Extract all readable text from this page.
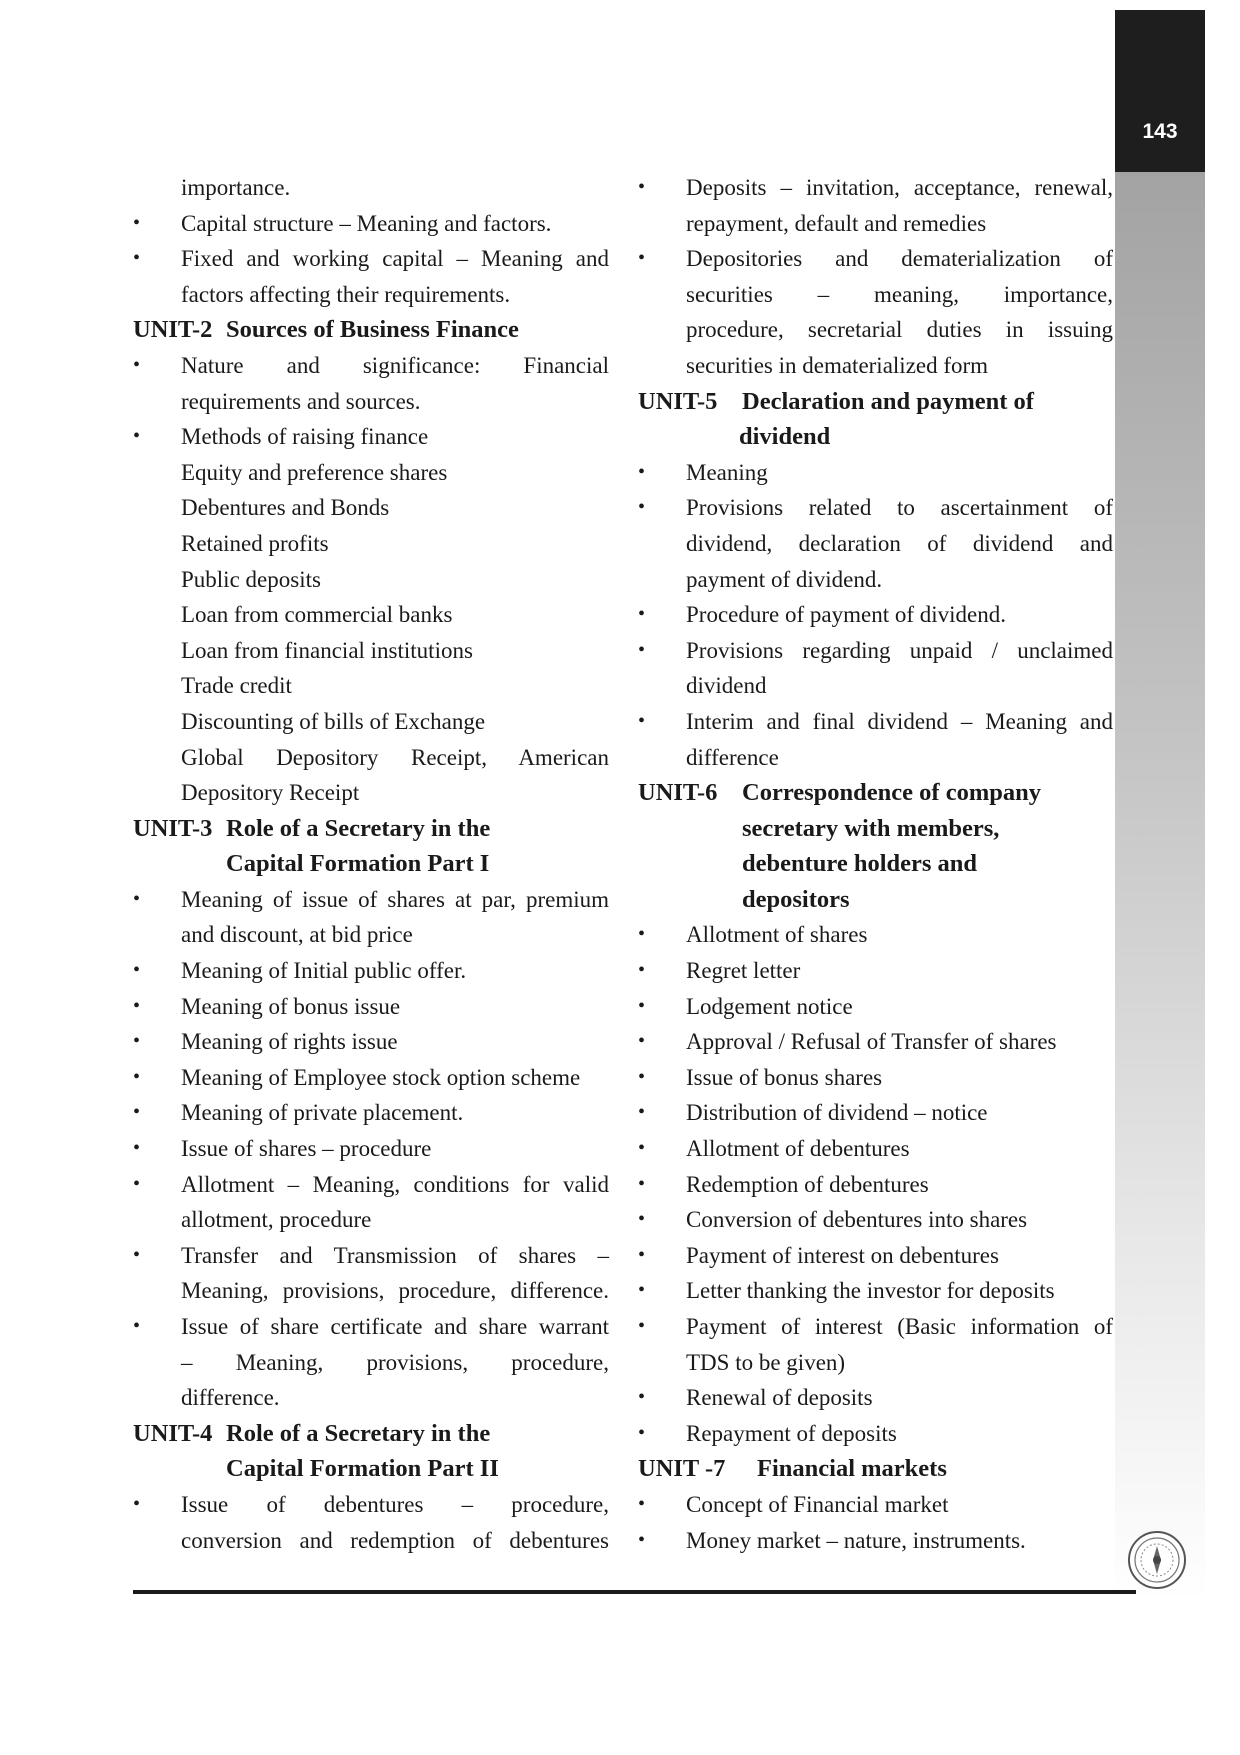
143
importance.
• Capital structure – Meaning and factors.
• Fixed and working capital – Meaning and
factors affecting their requirements.
UNIT-2 Sources of Business Finance
• Nature and significance: Financial
requirements and sources.
• Methods of raising finance
Equity and preference shares
Debentures and Bonds
Retained profits
Public deposits
Loan from commercial banks
Loan from financial institutions
Trade credit
Discounting of bills of Exchange
Global Depository Receipt, American
Depository Receipt
UNIT-3 Role of a Secretary in the
Capital Formation Part I
• Meaning of issue of shares at par, premium
and discount, at bid price
• Meaning of Initial public offer.
• Meaning of bonus issue
• Meaning of rights issue
• Meaning of Employee stock option scheme
• Meaning of private placement.
• Issue of shares – procedure
• Allotment – Meaning, conditions for valid
allotment, procedure
• Transfer and Transmission of shares –
Meaning, provisions, procedure, difference.
• Issue of share certificate and share warrant
– Meaning, provisions, procedure,
difference.
UNIT-4 Role of a Secretary in the
Capital Formation Part II
• Issue of debentures – procedure,
conversion and redemption of debentures
• Deposits – invitation, acceptance, renewal,
repayment, default and remedies
• Depositories and dematerialization of
securities – meaning, importance,
procedure, secretarial duties in issuing
securities in dematerialized form
UNIT-5 Declaration and payment of
dividend
• Meaning
• Provisions related to ascertainment of
dividend, declaration of dividend and
payment of dividend.
• Procedure of payment of dividend.
• Provisions regarding unpaid / unclaimed
dividend
• Interim and final dividend – Meaning and
difference
UNIT-6 Correspondence of company
secretary with members,
debenture holders and
depositors
• Allotment of shares
• Regret letter
• Lodgement notice
• Approval / Refusal of Transfer of shares
• Issue of bonus shares
• Distribution of dividend – notice
• Allotment of debentures
• Redemption of debentures
• Conversion of debentures into shares
• Payment of interest on debentures
• Letter thanking the investor for deposits
• Payment of interest (Basic information of
TDS to be given)
• Renewal of deposits
• Repayment of deposits
UNIT -7 Financial markets
• Concept of Financial market
• Money market – nature, instruments.
